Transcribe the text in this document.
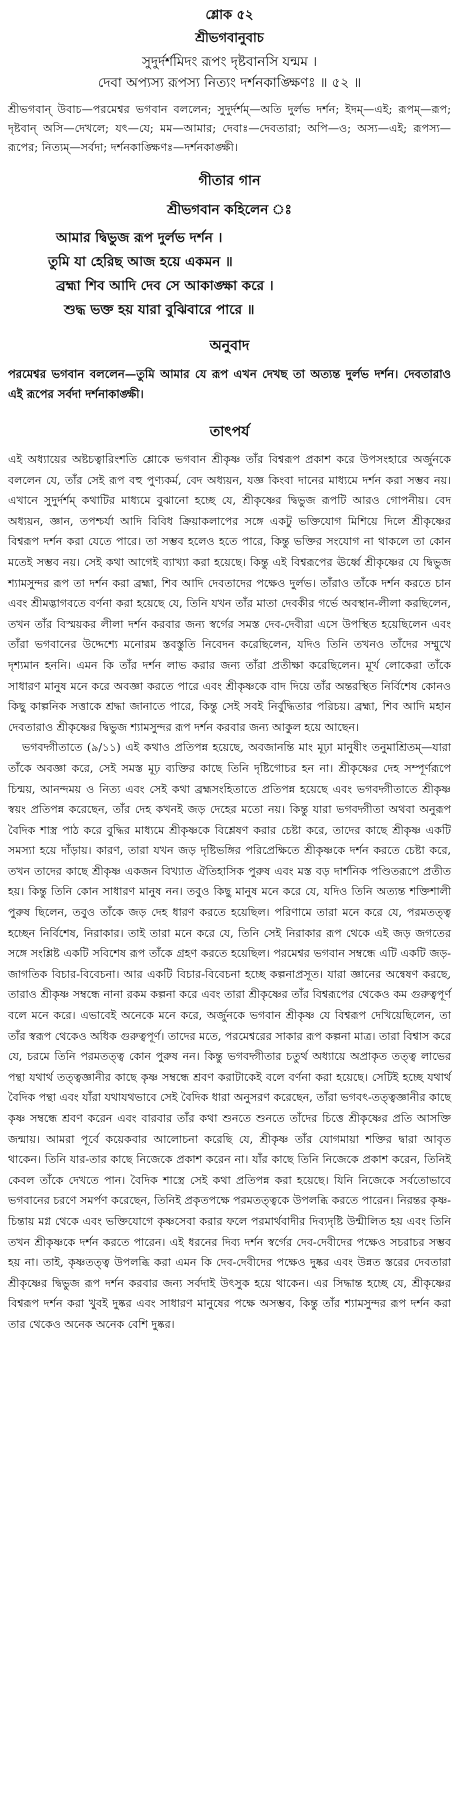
শ্লোক ৫২
শ্রীভগবানুবাচ

সুদুর্দর্শমিদং রূপং দৃষ্টবানসি যন্মম ।

দেবা অপ্যস্য রূপস্য নিত্যং দর্শনকাঙ্ক্ষিণঃ ॥ ৫২ ॥

শ্রীভগবান্ উবাচ—পরমেশ্বর ভগবান বললেন; সুদুর্দর্শম্—অতি দুর্লভ দর্শন; ইদম্—এই; রূপম্—রূপ; দৃষ্টবান্ অসি—দেখলে; যৎ—যে; মম—আমার; দেবাঃ—দেবতারা; অপি—ও; অস্য—এই; রূপস্য—রূপের; নিত্যম্—সর্বদা; দর্শনকাঙ্ক্ষিণঃ—দর্শনকাঙ্ক্ষী।

গীতার গান
শ্রীভগবান কহিলেন ঃ

আমার দ্বিভুজ রূপ দুর্লভ দর্শন ।

তুমি যা হেরিছ আজ হয়ে একমন ॥

ব্রহ্মা শিব আদি দেব সে আকাঙ্ক্ষা করে ।

শুদ্ধ ভক্ত হয় যারা বুঝিবারে পারে ॥

অনুবাদ

পরমেশ্বর ভগবান বললেন—তুমি আমার যে রূপ এখন দেখছ তা অত্যন্ত দুর্লভ দর্শন। দেবতারাও এই রূপের সর্বদা দর্শনাকাঙ্ক্ষী।

তাৎপর্য

এই অধ্যায়ের অষ্টচত্বারিংশতি শ্লোকে ভগবান শ্রীকৃষ্ণ তাঁর বিশ্বরূপ প্রকাশ করে উপসংহারে অর্জুনকে বললেন যে, তাঁর সেই রূপ বহু পুণ্যকর্ম, বেদ অধ্যয়ন, যজ্ঞ কিংবা দানের মাধ্যমে দর্শন করা সম্ভব নয়। এখানে সুদুর্দর্শম্ কথাটির মাধ্যমে বুঝানো হচ্ছে যে, শ্রীকৃষ্ণের দ্বিভুজ রূপটি আরও গোপনীয়। বেদ অধ্যয়ন, জ্ঞান, তপশ্চর্যা আদি বিবিধ ক্রিয়াকলাপের সঙ্গে একটু ভক্তিযোগ মিশিয়ে দিলে শ্রীকৃষ্ণের বিশ্বরূপ দর্শন করা যেতে পারে। তা সম্ভব হলেও হতে পারে, কিন্তু ভক্তির সংযোগ না থাকলে তা কোন মতেই সম্ভব নয়। সেই কথা আগেই ব্যাখ্যা করা হয়েছে। কিন্তু এই বিশ্বরূপের ঊর্ধ্বে শ্রীকৃষ্ণের যে দ্বিভুজ শ্যামসুন্দর রূপ তা দর্শন করা ব্রহ্মা, শিব আদি দেবতাদের পক্ষেও দুর্লভ। তাঁরাও তাঁকে দর্শন করতে চান এবং শ্রীমদ্ভাগবতে বর্ণনা করা হয়েছে যে, তিনি যখন তাঁর মাতা দেবকীর গর্ভে অবস্থান-লীলা করছিলেন, তখন তাঁর বিস্ময়কর লীলা দর্শন করবার জন্য স্বর্গের সমস্ত দেব-দেবীরা এসে উপস্থিত হয়েছিলেন এবং তাঁরা ভগবানের উদ্দেশ্যে মনোরম স্তবস্তুতি নিবেদন করেছিলেন, যদিও তিনি তখনও তাঁদের সম্মুখে দৃশ্যমান হননি। এমন কি তাঁর দর্শন লাভ করার জন্য তাঁরা প্রতীক্ষা করেছিলেন। মূর্খ লোকেরা তাঁকে সাধারণ মানুষ মনে করে অবজ্ঞা করতে পারে এবং শ্রীকৃষ্ণকে বাদ দিয়ে তাঁর অন্তরস্থিত নির্বিশেষ কোনও কিছু কাল্পনিক সত্তাকে শ্রদ্ধা জানাতে পারে, কিন্তু সেই সবই নির্বুদ্ধিতার পরিচয়। ব্রহ্মা, শিব আদি মহান দেবতারাও শ্রীকৃষ্ণের দ্বিভুজ শ্যামসুন্দর রূপ দর্শন করবার জন্য আকুল হয়ে আছেন।

ভগবদ্গীতাতে (৯/১১) এই কথাও প্রতিপন্ন হয়েছে, অবজানন্তি মাং মূঢ়া মানুষীং তনুমাশ্রিতম্—যারা তাঁকে অবজ্ঞা করে, সেই সমস্ত মূঢ় ব্যক্তির কাছে তিনি দৃষ্টিগোচর হন না। শ্রীকৃষ্ণের দেহ সম্পূর্ণরূপে চিন্ময়, আনন্দময় ও নিত্য এবং সেই কথা ব্রহ্মসংহিতাতে প্রতিপন্ন হয়েছে এবং ভগবদ্গীতাতে শ্রীকৃষ্ণ স্বয়ং প্রতিপন্ন করেছেন, তাঁর দেহ কখনই জড় দেহের মতো নয়। কিন্তু যারা ভগবদ্গীতা অথবা অনুরূপ বৈদিক শাস্ত্র পাঠ করে বুদ্ধির মাধ্যমে শ্রীকৃষ্ণকে বিশ্লেষণ করার চেষ্টা করে, তাদের কাছে শ্রীকৃষ্ণ একটি সমস্যা হয়ে দাঁড়ায়। কারণ, তারা যখন জড় দৃষ্টিভঙ্গির পরিপ্রেক্ষিতে শ্রীকৃষ্ণকে দর্শন করতে চেষ্টা করে, তখন তাদের কাছে শ্রীকৃষ্ণ একজন বিখ্যাত ঐতিহাসিক পুরুষ এবং মস্ত বড় দার্শনিক পণ্ডিতরূপে প্রতীত হয়। কিন্তু তিনি কোন সাধারণ মানুষ নন। তবুও কিছু মানুষ মনে করে যে, যদিও তিনি অত্যন্ত শক্তিশালী পুরুষ ছিলেন, তবুও তাঁকে জড় দেহ ধারণ করতে হয়েছিল। পরিণামে তারা মনে করে যে, পরমতত্ত্ব হচ্ছেন নির্বিশেষ, নিরাকার। তাই তারা মনে করে যে, তিনি সেই নিরাকার রূপ থেকে এই জড় জগতের সঙ্গে সংশ্লিষ্ট একটি সবিশেষ রূপ তাঁকে গ্রহণ করতে হয়েছিল। পরমেশ্বর ভগবান সম্বন্ধে এটি একটি জড়-জাগতিক বিচার-বিবেচনা। আর একটি বিচার-বিবেচনা হচ্ছে কল্পনাপ্রসূত। যারা জ্ঞানের অন্বেষণ করছে, তারাও শ্রীকৃষ্ণ সম্বন্ধে নানা রকম কল্পনা করে এবং তারা শ্রীকৃষ্ণের তাঁর বিশ্বরূপের থেকেও কম গুরুত্বপূর্ণ বলে মনে করে। এভাবেই অনেকে মনে করে, অর্জুনকে ভগবান শ্রীকৃষ্ণ যে বিশ্বরূপ দেখিয়েছিলেন, তা তাঁর স্বরূপ থেকেও অধিক গুরুত্বপূর্ণ। তাদের মতে, পরমেশ্বরের সাকার রূপ কল্পনা মাত্র। তারা বিশ্বাস করে যে, চরমে তিনি পরমতত্ত্ব কোন পুরুষ নন। কিন্তু ভগবদ্গীতার চতুর্থ অধ্যায়ে অপ্রাকৃত তত্ত্ব লাভের পন্থা যথার্থ তত্ত্বজ্ঞানীর কাছে কৃষ্ণ সম্বন্ধে শ্রবণ করাটাকেই বলে বর্ণনা করা হয়েছে। সেটিই হচ্ছে যথার্থ বৈদিক পন্থা এবং যাঁরা যথাযথভাবে সেই বৈদিক ধারা অনুসরণ করেছেন, তাঁরা ভগবৎ-তত্ত্বজ্ঞানীর কাছে কৃষ্ণ সম্বন্ধে শ্রবণ করেন এবং বারবার তাঁর কথা শুনতে শুনতে তাঁদের চিত্তে শ্রীকৃষ্ণের প্রতি আসক্তি জন্মায়। আমরা পূর্বে কয়েকবার আলোচনা করেছি যে, শ্রীকৃষ্ণ তাঁর যোগমায়া শক্তির দ্বারা আবৃত থাকেন। তিনি যার-তার কাছে নিজেকে প্রকাশ করেন না। যাঁর কাছে তিনি নিজেকে প্রকাশ করেন, তিনিই কেবল তাঁকে দেখতে পান। বৈদিক শাস্ত্রে সেই কথা প্রতিপন্ন করা হয়েছে। যিনি নিজেকে সর্বতোভাবে ভগবানের চরণে সমর্পণ করেছেন, তিনিই প্রকৃতপক্ষে পরমতত্ত্বকে উপলব্ধি করতে পারেন। নিরন্তর কৃষ্ণ-চিন্তায় মগ্ন থেকে এবং ভক্তিযোগে কৃষ্ণসেবা করার ফলে পরমার্থবাদীর দিব্যদৃষ্টি উন্মীলিত হয় এবং তিনি তখন শ্রীকৃষ্ণকে দর্শন করতে পারেন। এই ধরনের দিব্য দর্শন স্বর্গের দেব-দেবীদের পক্ষেও সচরাচর সম্ভব হয় না। তাই, কৃষ্ণতত্ত্ব উপলব্ধি করা এমন কি দেব-দেবীদের পক্ষেও দুষ্কর এবং উন্নত স্তরের দেবতারা শ্রীকৃষ্ণের দ্বিভুজ রূপ দর্শন করবার জন্য সর্বদাই উৎসুক হয়ে থাকেন। এর সিদ্ধান্ত হচ্ছে যে, শ্রীকৃষ্ণের বিশ্বরূপ দর্শন করা খুবই দুষ্কর এবং সাধারণ মানুষের পক্ষে অসম্ভব, কিন্তু তাঁর শ্যামসুন্দর রূপ দর্শন করা তার থেকেও অনেক অনেক বেশি দুষ্কর।
